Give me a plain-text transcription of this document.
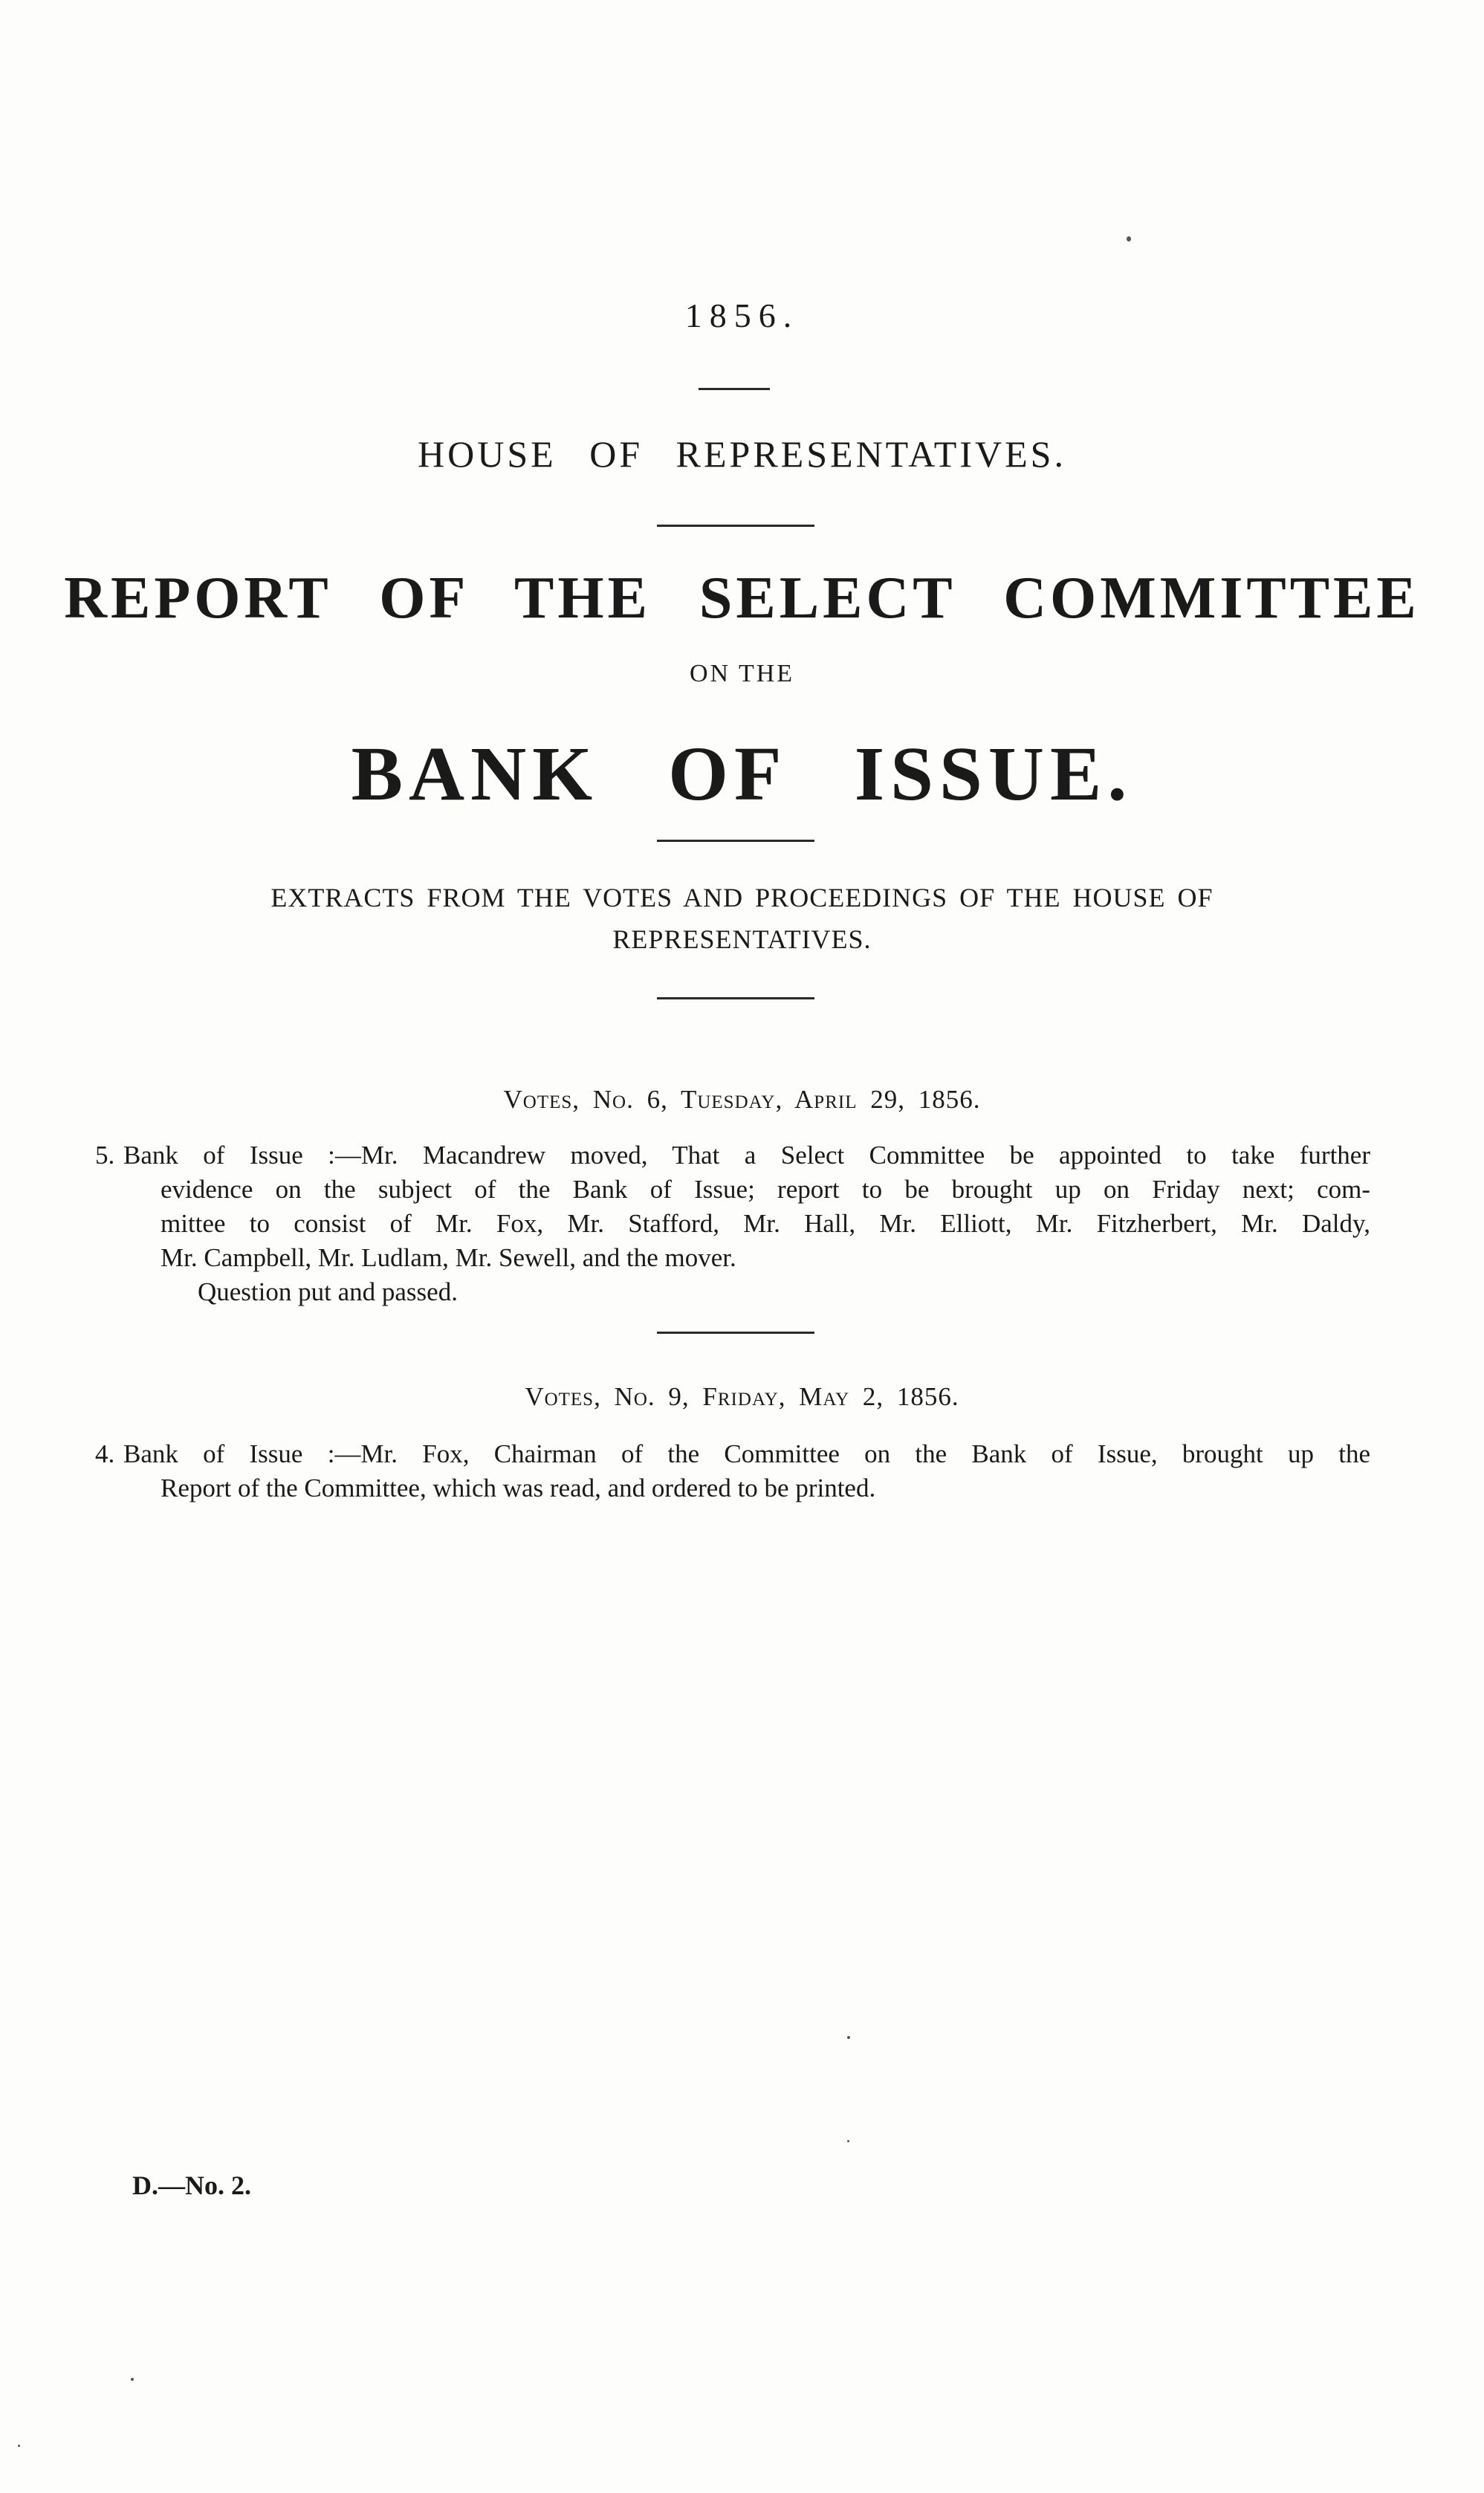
1856.
HOUSE OF REPRESENTATIVES.
REPORT OF THE SELECT COMMITTEE
ON THE
BANK OF ISSUE.
EXTRACTS FROM THE VOTES AND PROCEEDINGS OF THE HOUSE OF
REPRESENTATIVES.
Votes, No. 6, Tuesday, April 29, 1856.
5. Bank of Issue :—Mr. Macandrew moved, That a Select Committee be appointed to take further
evidence on the subject of the Bank of Issue; report to be brought up on Friday next; com-
mittee to consist of Mr. Fox, Mr. Stafford, Mr. Hall, Mr. Elliott, Mr. Fitzherbert, Mr. Daldy,
Mr. Campbell, Mr. Ludlam, Mr. Sewell, and the mover.
Question put and passed.
Votes, No. 9, Friday, May 2, 1856.
4. Bank of Issue :—Mr. Fox, Chairman of the Committee on the Bank of Issue, brought up the
Report of the Committee, which was read, and ordered to be printed.
D.—No. 2.
